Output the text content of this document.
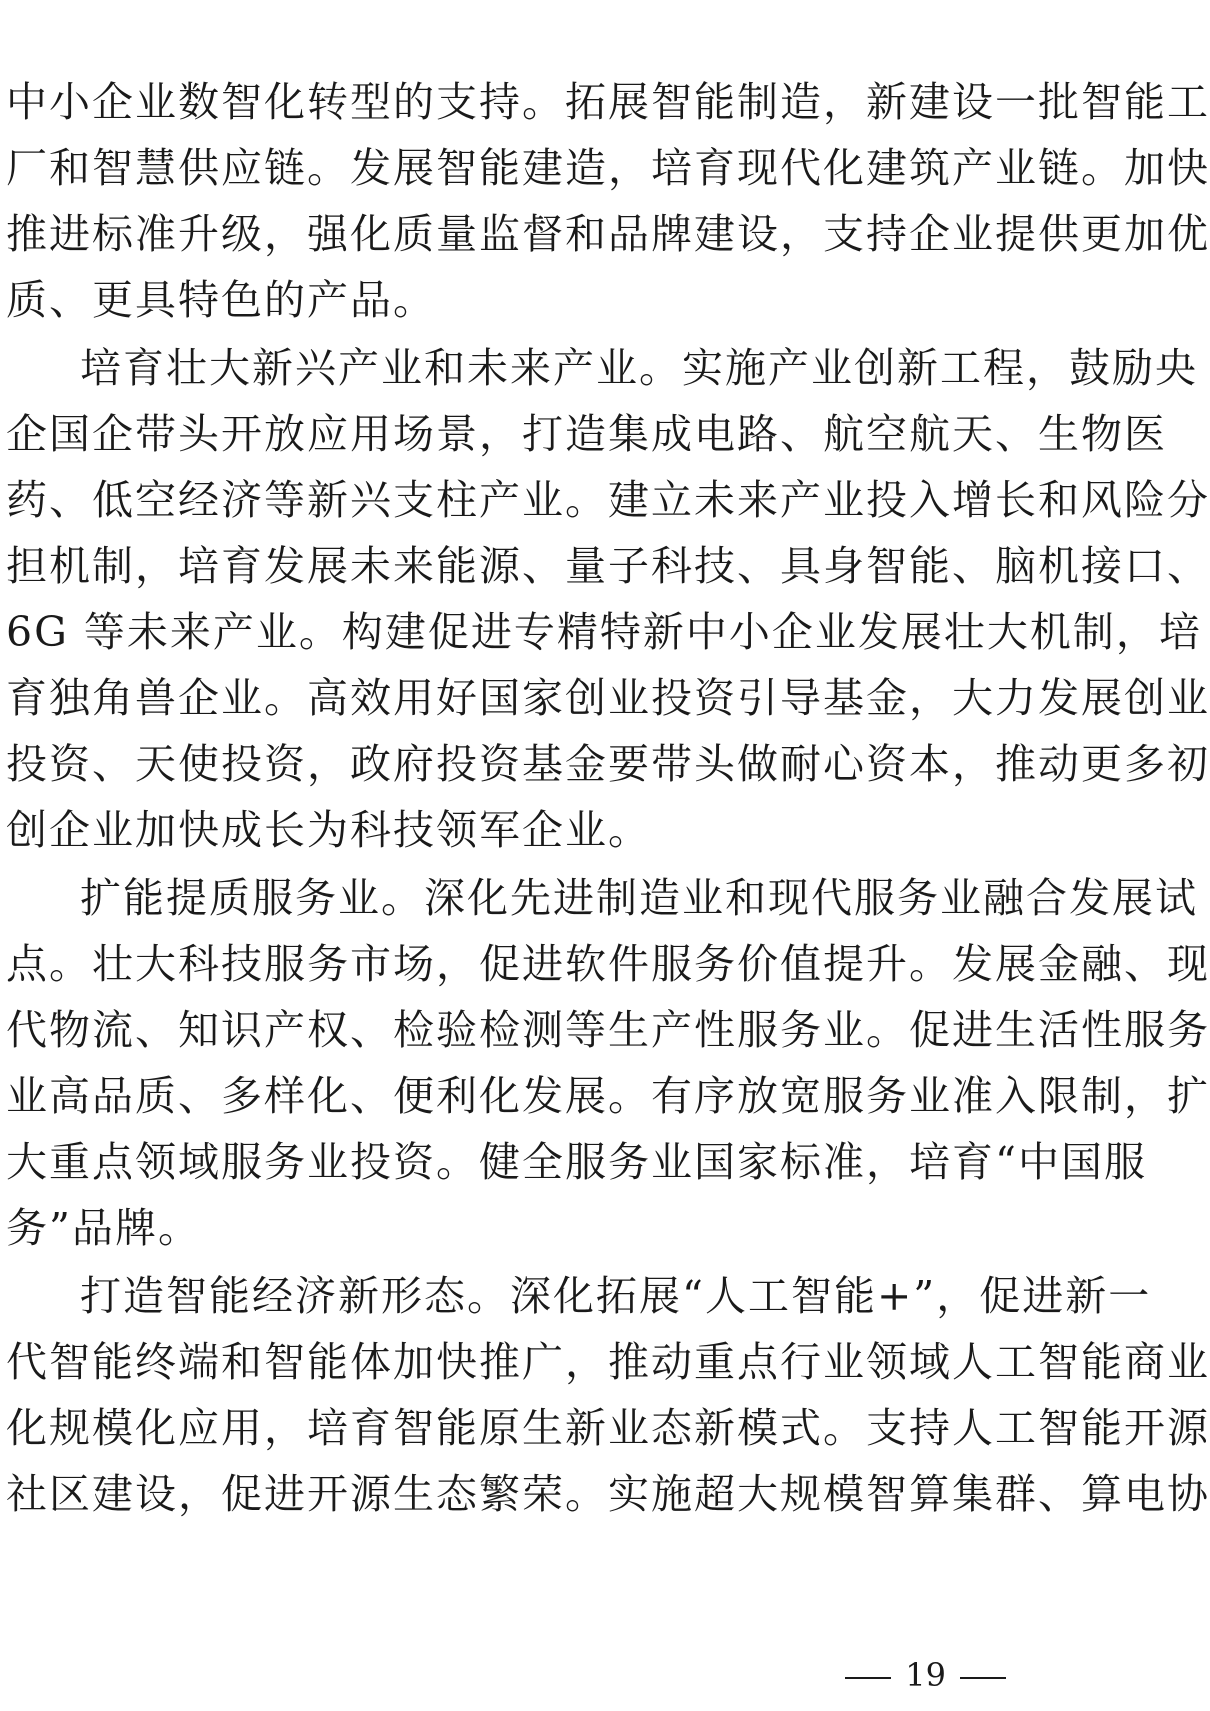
中小企业数智化转型的支持。拓展智能制造，新建设一批智能工
厂和智慧供应链。发展智能建造，培育现代化建筑产业链。加快
推进标准升级，强化质量监督和品牌建设，支持企业提供更加优
质、更具特色的产品。
培育壮大新兴产业和未来产业。实施产业创新工程，鼓励央
企国企带头开放应用场景，打造集成电路、航空航天、生物医
药、低空经济等新兴支柱产业。建立未来产业投入增长和风险分
担机制，培育发展未来能源、量子科技、具身智能、脑机接口、
6G 等未来产业。构建促进专精特新中小企业发展壮大机制，培
育独角兽企业。高效用好国家创业投资引导基金，大力发展创业
投资、天使投资，政府投资基金要带头做耐心资本，推动更多初
创企业加快成长为科技领军企业。
扩能提质服务业。深化先进制造业和现代服务业融合发展试
点。壮大科技服务市场，促进软件服务价值提升。发展金融、现
代物流、知识产权、检验检测等生产性服务业。促进生活性服务
业高品质、多样化、便利化发展。有序放宽服务业准入限制，扩
大重点领域服务业投资。健全服务业国家标准，培育“中国服
务”品牌。
打造智能经济新形态。深化拓展“人工智能+”，促进新一
代智能终端和智能体加快推广，推动重点行业领域人工智能商业
化规模化应用，培育智能原生新业态新模式。支持人工智能开源
社区建设，促进开源生态繁荣。实施超大规模智算集群、算电协
19
